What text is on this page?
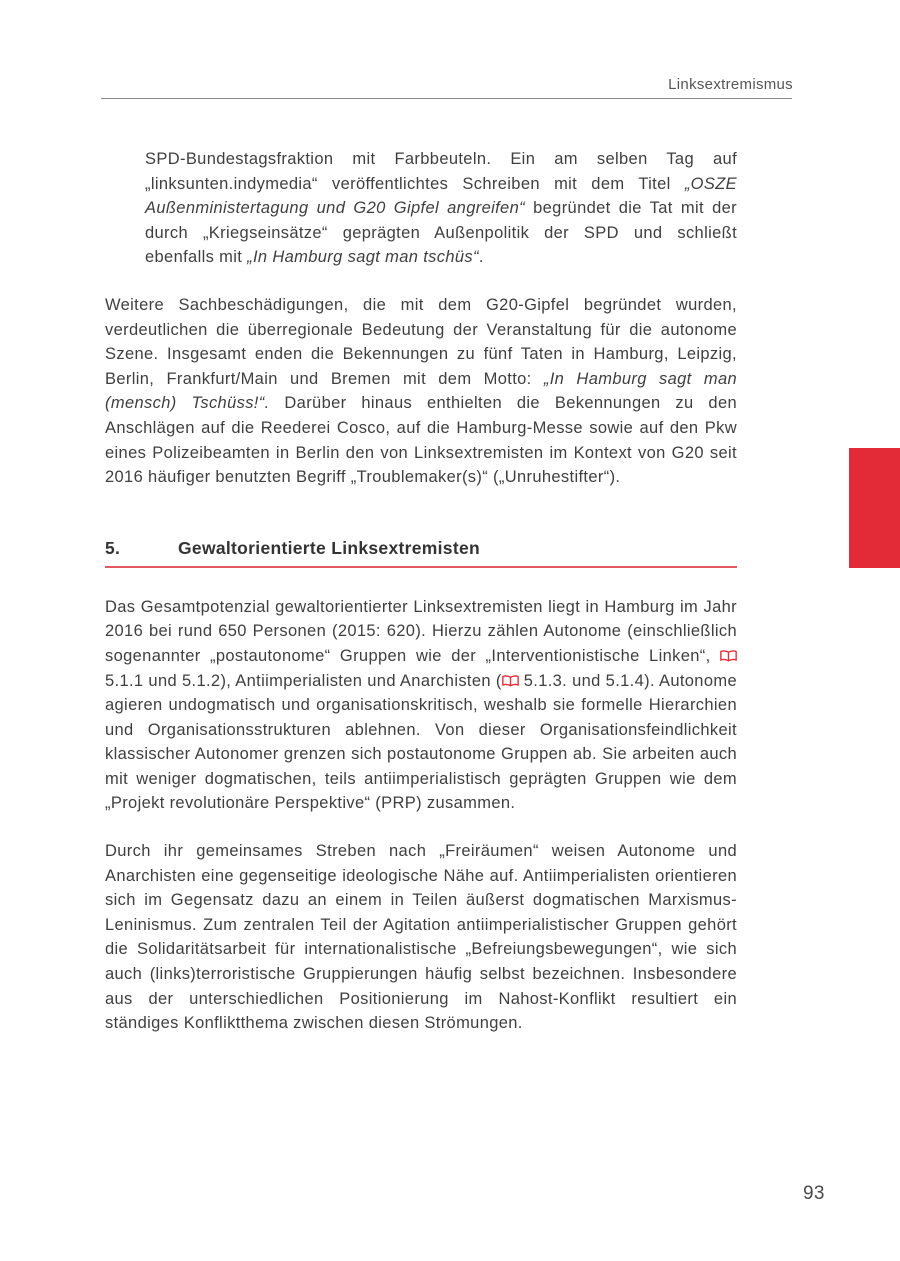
Linksextremismus

SPD-Bundestagsfraktion mit Farbbeuteln. Ein am selben Tag auf „linksunten.indymedia“ veröffentlichtes Schreiben mit dem Titel „OSZE Außenministertagung und G20 Gipfel angreifen“ begründet die Tat mit der durch „Kriegseinsätze“ geprägten Außenpolitik der SPD und schließt ebenfalls mit „In Hamburg sagt man tschüs“.

Weitere Sachbeschädigungen, die mit dem G20-Gipfel begründet wurden, verdeutlichen die überregionale Bedeutung der Veranstaltung für die autonome Szene. Insgesamt enden die Bekennungen zu fünf Taten in Hamburg, Leipzig, Berlin, Frankfurt/Main und Bremen mit dem Motto: „In Hamburg sagt man (mensch) Tschüss!“. Darüber hinaus enthielten die Bekennungen zu den Anschlägen auf die Reederei Cosco, auf die Hamburg-Messe sowie auf den Pkw eines Polizeibeamten in Berlin den von Linksextremisten im Kontext von G20 seit 2016 häufiger benutzten Begriff „Troublemaker(s)“ („Unruhestifter“).

5.	Gewaltorientierte Linksextremisten

Das Gesamtpotenzial gewaltorientierter Linksextremisten liegt in Hamburg im Jahr 2016 bei rund 650 Personen (2015: 620). Hierzu zählen Autonome (einschließlich sogenannter „postautonome“ Gruppen wie der „Interventionistische Linken“,  5.1.1 und 5.1.2), Antiimperialisten und Anarchisten ( 5.1.3. und 5.1.4). Autonome agieren undogmatisch und organisationskritisch, weshalb sie formelle Hierarchien und Organisationsstrukturen ablehnen. Von dieser Organisationsfeindlichkeit klassischer Autonomer grenzen sich postautonome Gruppen ab. Sie arbeiten auch mit weniger dogmatischen, teils antiimperialistisch geprägten Gruppen wie dem „Projekt revolutionäre Perspektive“ (PRP) zusammen.

Durch ihr gemeinsames Streben nach „Freiräumen“ weisen Autonome und Anarchisten eine gegenseitige ideologische Nähe auf. Antiimperialisten orientieren sich im Gegensatz dazu an einem in Teilen äußerst dogmatischen Marxismus-Leninismus. Zum zentralen Teil der Agitation antiimperialistischer Gruppen gehört die Solidaritätsarbeit für internationalistische „Befreiungsbewegungen“, wie sich auch (links)terroristische Gruppierungen häufig selbst bezeichnen. Insbesondere aus der unterschiedlichen Positionierung im Nahost-Konflikt resultiert ein ständiges Konfliktthema zwischen diesen Strömungen.

93
